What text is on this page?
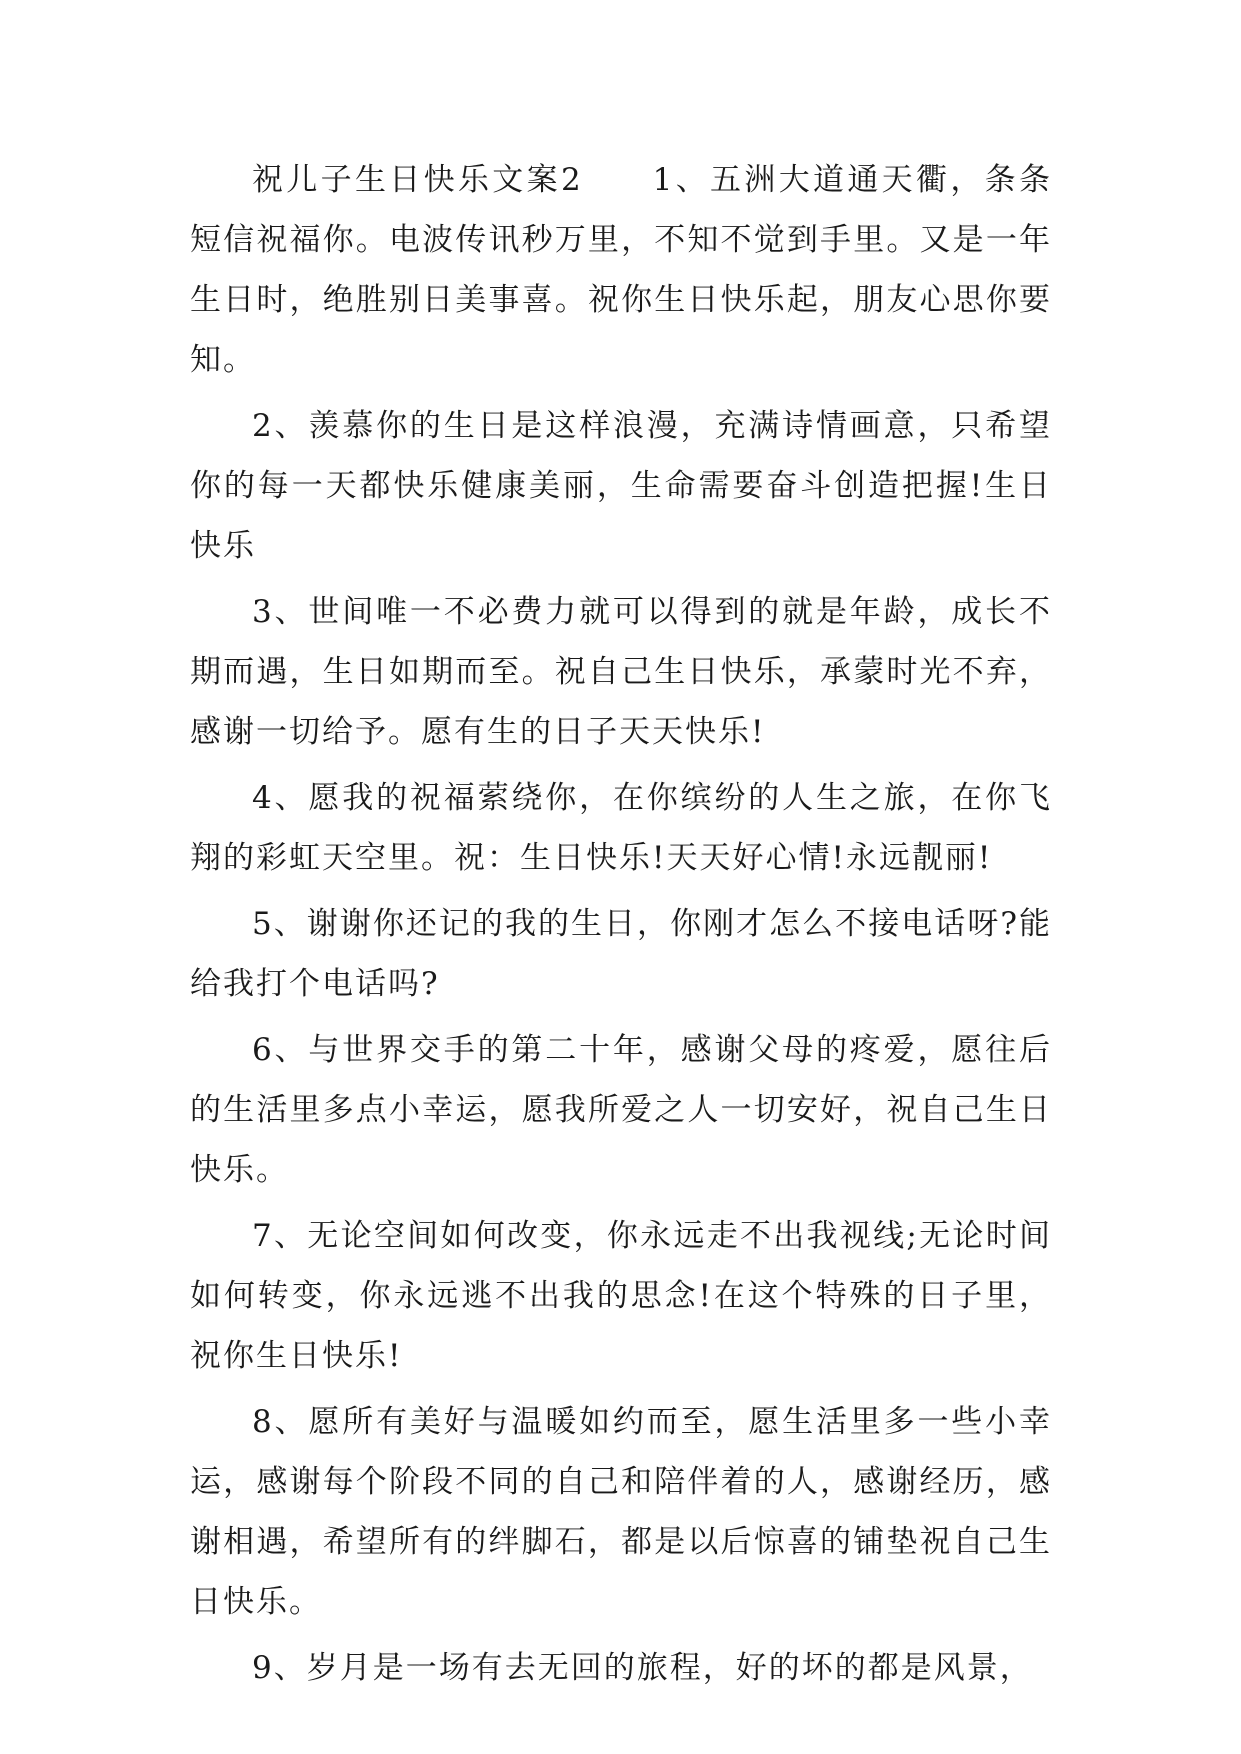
祝儿子生日快乐文案2　　1、五洲大道通天衢，条条短信祝福你。电波传讯秒万里，不知不觉到手里。又是一年生日时，绝胜别日美事喜。祝你生日快乐起，朋友心思你要知。

2、羡慕你的生日是这样浪漫，充满诗情画意，只希望你的每一天都快乐健康美丽，生命需要奋斗创造把握!生日快乐

3、世间唯一不必费力就可以得到的就是年龄，成长不期而遇，生日如期而至。祝自己生日快乐，承蒙时光不弃，感谢一切给予。愿有生的日子天天快乐!

4、愿我的祝福萦绕你，在你缤纷的人生之旅，在你飞翔的彩虹天空里。祝：生日快乐!天天好心情!永远靓丽!

5、谢谢你还记的我的生日，你刚才怎么不接电话呀?能给我打个电话吗?

6、与世界交手的第二十年，感谢父母的疼爱，愿往后的生活里多点小幸运，愿我所爱之人一切安好，祝自己生日快乐。

7、无论空间如何改变，你永远走不出我视线;无论时间如何转变，你永远逃不出我的思念!在这个特殊的日子里，祝你生日快乐!

8、愿所有美好与温暖如约而至，愿生活里多一些小幸运，感谢每个阶段不同的自己和陪伴着的人，感谢经历，感谢相遇，希望所有的绊脚石，都是以后惊喜的铺垫祝自己生日快乐。

9、岁月是一场有去无回的旅程，好的坏的都是风景，
